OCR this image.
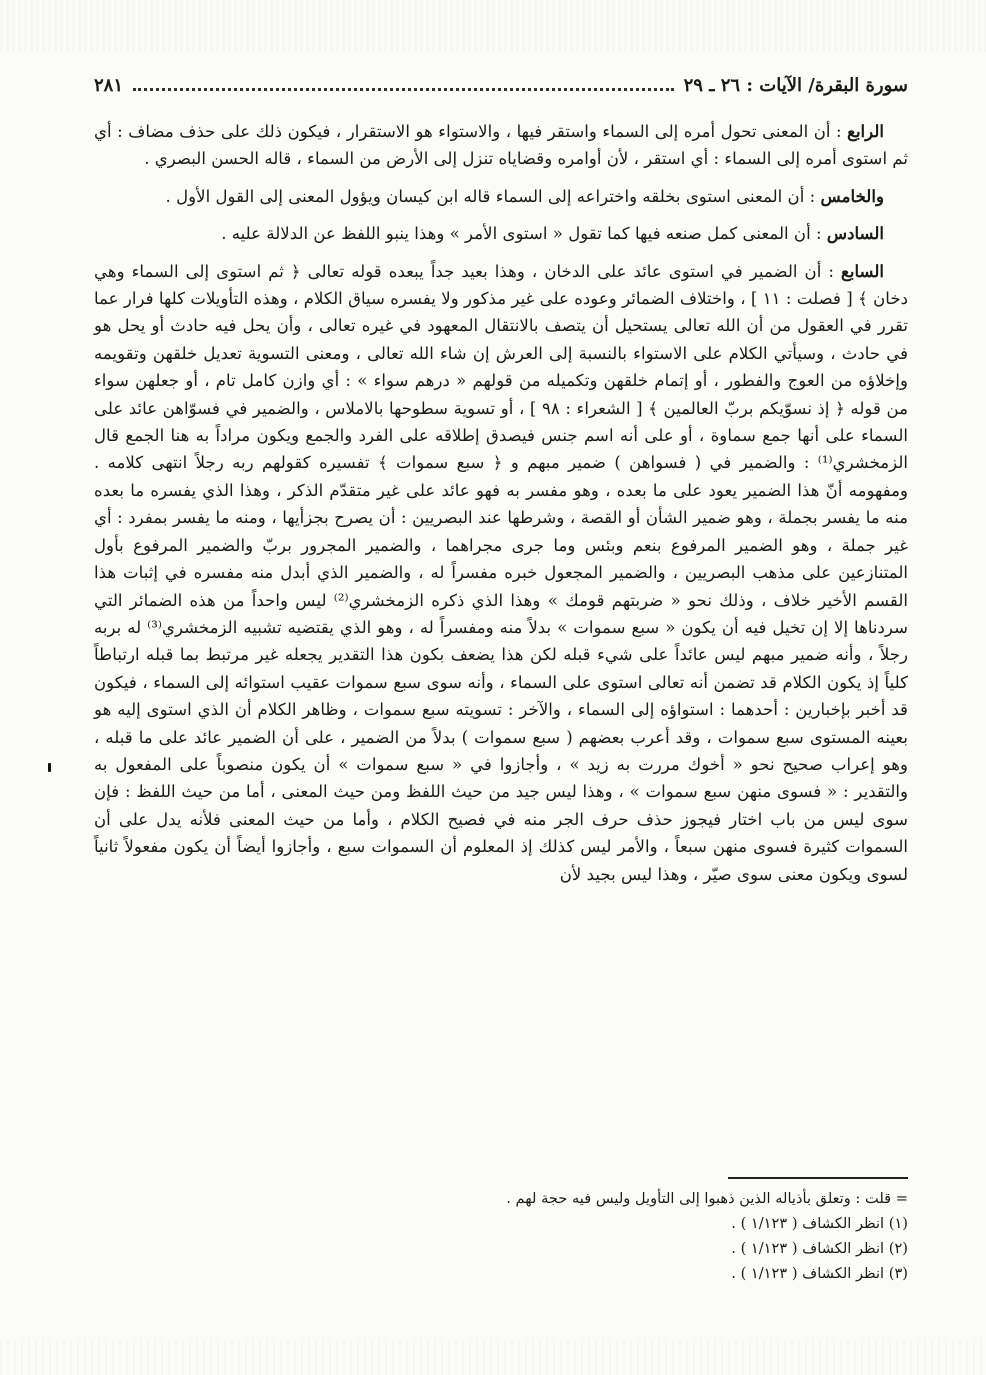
سورة البقرة/ الآيات : ٢٦ ـ ٢٩
٢٨١

الرابع : أن المعنى تحول أمره إلى السماء واستقر فيها ، والاستواء هو الاستقرار ، فيكون ذلك على حذف مضاف : أي ثم استوى أمره إلى السماء : أي استقر ، لأن أوامره وقضاياه تنزل إلى الأرض من السماء ، قاله الحسن البصري .

والخامس : أن المعنى استوى بخلقه واختراعه إلى السماء قاله ابن كيسان ويؤول المعنى إلى القول الأول .

السادس : أن المعنى كمل صنعه فيها كما تقول « استوى الأمر » وهذا ينبو اللفظ عن الدلالة عليه .

السابع : أن الضمير في استوى عائد على الدخان ، وهذا بعيد جداً يبعده قوله تعالى ﴿ ثم استوى إلى السماء وهي دخان ﴾ [ فصلت : ١١ ] ، واختلاف الضمائر وعوده على غير مذكور ولا يفسره سياق الكلام ، وهذه التأويلات كلها فرار عما تقرر في العقول من أن الله تعالى يستحيل أن يتصف بالانتقال المعهود في غيره تعالى ، وأن يحل فيه حادث أو يحل هو في حادث ، وسيأتي الكلام على الاستواء بالنسبة إلى العرش إن شاء الله تعالى ، ومعنى التسوية تعديل خلقهن وتقويمه وإخلاؤه من العوج والفطور ، أو إتمام خلقهن وتكميله من قولهم « درهم سواء » : أي وازن كامل تام ، أو جعلهن سواء من قوله ﴿ إذ نسوّيكم بربّ العالمين ﴾ [ الشعراء : ٩٨ ] ، أو تسوية سطوحها بالاملاس ، والضمير في فسوّاهن عائد على السماء على أنها جمع سماوة ، أو على أنه اسم جنس فيصدق إطلاقه على الفرد والجمع ويكون مراداً به هنا الجمع قال الزمخشري⁽¹⁾ : والضمير في ( فسواهن ) ضمير مبهم و ﴿ سبع سموات ﴾ تفسيره كقولهم ربه رجلاً انتهى كلامه . ومفهومه أنّ هذا الضمير يعود على ما بعده ، وهو مفسر به فهو عائد على غير متقدّم الذكر ، وهذا الذي يفسره ما بعده منه ما يفسر بجملة ، وهو ضمير الشأن أو القصة ، وشرطها عند البصريين : أن يصرح بجزأيها ، ومنه ما يفسر بمفرد : أي غير جملة ، وهو الضمير المرفوع بنعم وبئس وما جرى مجراهما ، والضمير المجرور بربّ والضمير المرفوع بأول المتنازعين على مذهب البصريين ، والضمير المجعول خبره مفسراً له ، والضمير الذي أبدل منه مفسره في إثبات هذا القسم الأخير خلاف ، وذلك نحو « ضربتهم قومك » وهذا الذي ذكره الزمخشري⁽²⁾ ليس واحداً من هذه الضمائر التي سردناها إلا إن تخيل فيه أن يكون « سبع سموات » بدلاً منه ومفسراً له ، وهو الذي يقتضيه تشبيه الزمخشري⁽³⁾ له بربه رجلاً ، وأنه ضمير مبهم ليس عائداً على شيء قبله لكن هذا يضعف بكون هذا التقدير يجعله غير مرتبط بما قبله ارتباطاً كلياً إذ يكون الكلام قد تضمن أنه تعالى استوى على السماء ، وأنه سوى سبع سموات عقيب استوائه إلى السماء ، فيكون قد أخبر بإخبارين : أحدهما : استواؤه إلى السماء ، والآخر : تسويته سبع سموات ، وظاهر الكلام أن الذي استوى إليه هو بعينه المستوى سبع سموات ، وقد أعرب بعضهم ( سبع سموات ) بدلاً من الضمير ، على أن الضمير عائد على ما قبله ، وهو إعراب صحيح نحو « أخوك مررت به زيد » ، وأجازوا في « سبع سموات » أن يكون منصوباً على المفعول به والتقدير : « فسوى منهن سبع سموات » ، وهذا ليس جيد من حيث اللفظ ومن حيث المعنى ، أما من حيث اللفظ : فإن سوى ليس من باب اختار فيجوز حذف حرف الجر منه في فصيح الكلام ، وأما من حيث المعنى فلأنه يدل على أن السموات كثيرة فسوى منهن سبعاً ، والأمر ليس كذلك إذ المعلوم أن السموات سبع ، وأجازوا أيضاً أن يكون مفعولاً ثانياً لسوى ويكون معنى سوى صيّر ، وهذا ليس بجيد لأن

= قلت : وتعلق بأذياله الذين ذهبوا إلى التأويل وليس فيه حجة لهم .
(١) انظر الكشاف ( ١/١٢٣ ) .
(٢) انظر الكشاف ( ١/١٢٣ ) .
(٣) انظر الكشاف ( ١/١٢٣ ) .
